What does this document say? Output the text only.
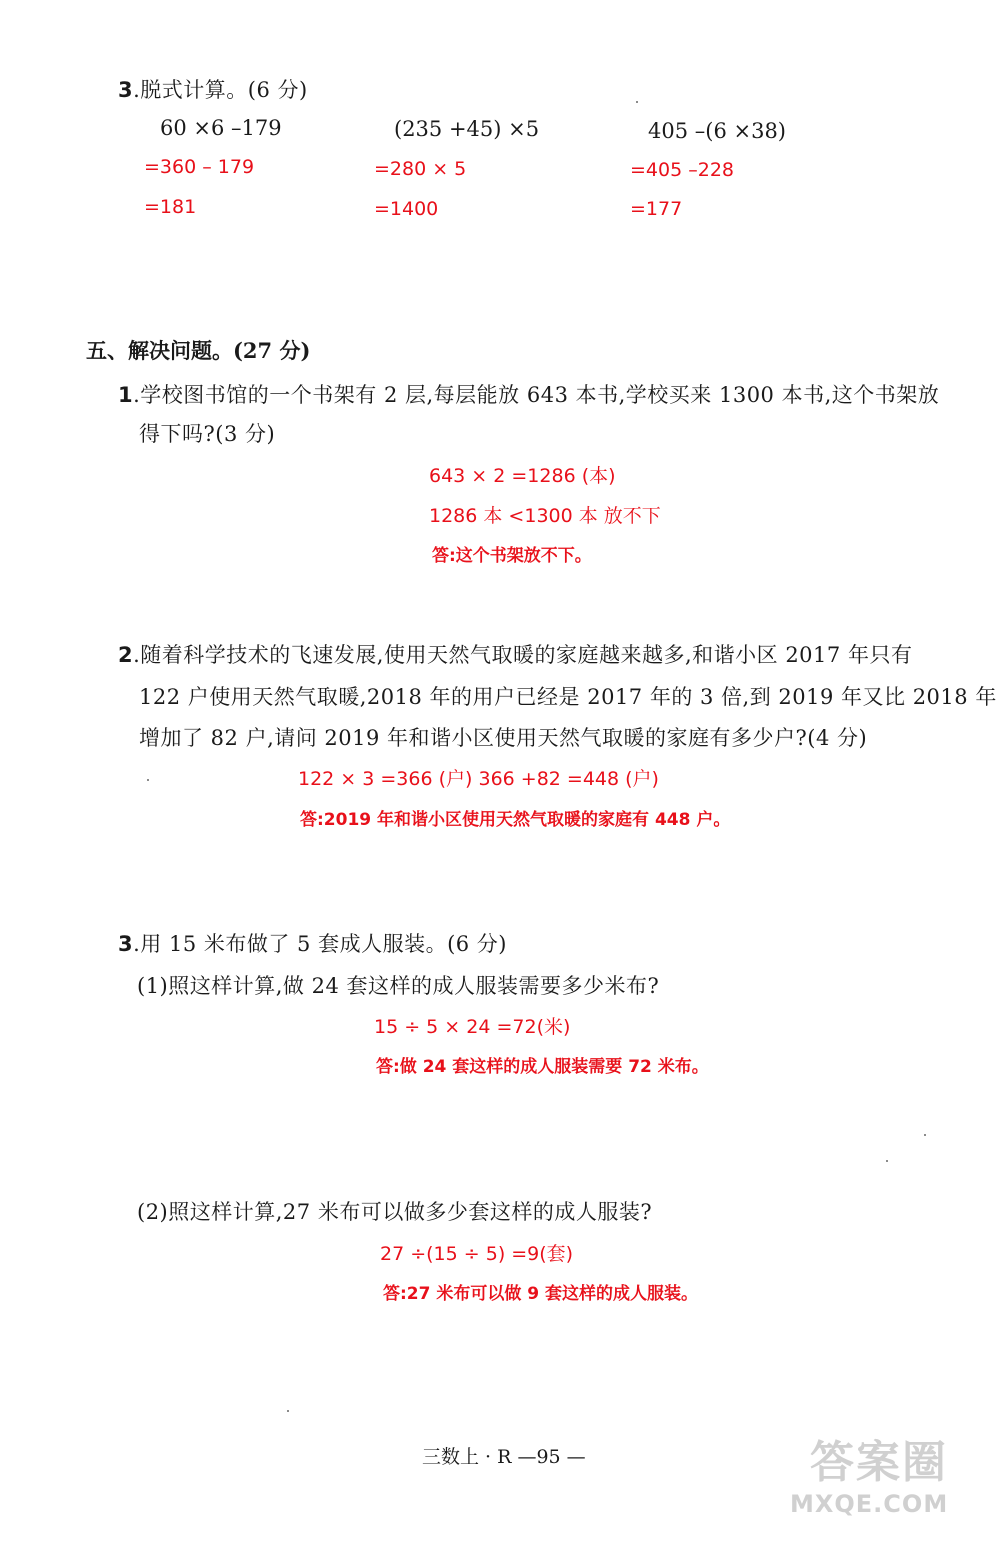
3.脱式计算。(6 分)
60 ×6 –179	(235 +45) ×5	405 –(6 ×38)
=360 – 179	=280 × 5	=405 –228
=181	=1400	=177
五、解决问题。(27 分)
1.学校图书馆的一个书架有 2 层,每层能放 643 本书,学校买来 1300 本书,这个书架放
得下吗?(3 分)
643 × 2 =1286 (本)
1286 本 <1300 本 放不下
答:这个书架放不下。
2.随着科学技术的飞速发展,使用天然气取暖的家庭越来越多,和谐小区 2017 年只有
122 户使用天然气取暖,2018 年的用户已经是 2017 年的 3 倍,到 2019 年又比 2018 年
增加了 82 户,请问 2019 年和谐小区使用天然气取暖的家庭有多少户?(4 分)
122 × 3 =366 (户) 366 +82 =448 (户)
答:2019 年和谐小区使用天然气取暖的家庭有 448 户。
3.用 15 米布做了 5 套成人服装。(6 分)
(1)照这样计算,做 24 套这样的成人服装需要多少米布?
15 ÷ 5 × 24 =72(米)
答:做 24 套这样的成人服装需要 72 米布。
(2)照这样计算,27 米布可以做多少套这样的成人服装?
27 ÷(15 ÷ 5) =9(套)
答:27 米布可以做 9 套这样的成人服装。
三数上 · R —95 —	答案圈
MXQE.COM
